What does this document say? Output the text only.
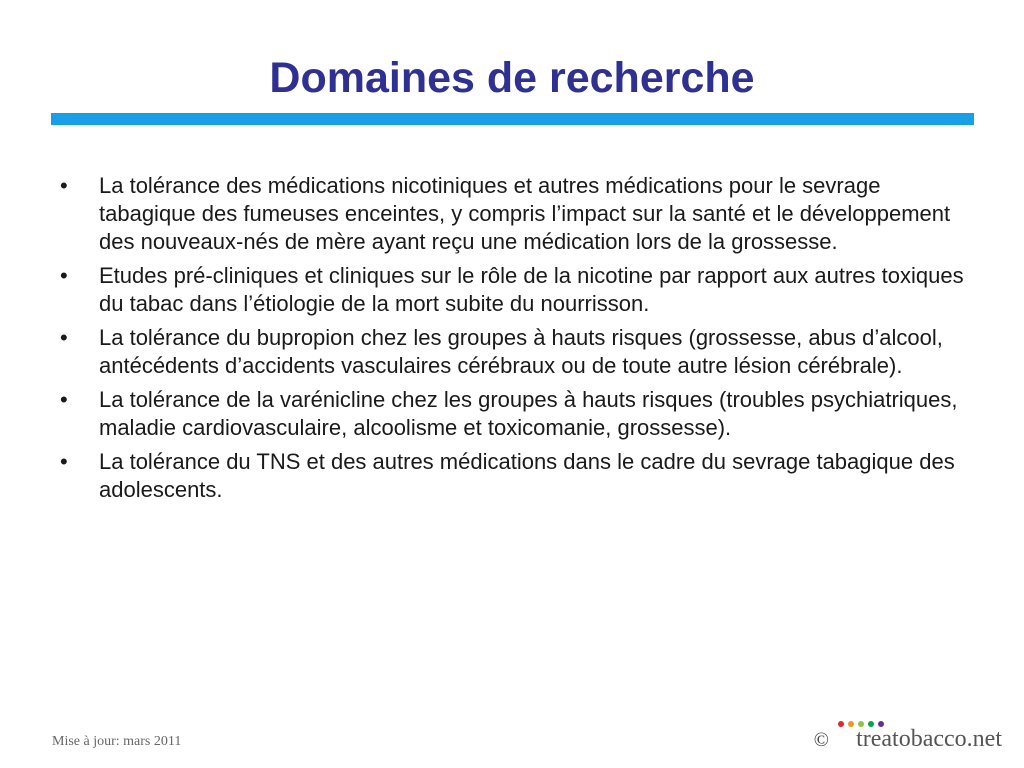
Domaines de recherche
•	La tolérance des médications nicotiniques et autres médications pour le sevrage tabagique des fumeuses enceintes, y compris l’impact sur la santé et le développement des nouveaux-nés de mère ayant reçu une médication lors de la grossesse.
•	Etudes pré-cliniques et cliniques sur le rôle de la nicotine par rapport aux autres toxiques du tabac dans l’étiologie de la mort subite du nourrisson.
•	La tolérance du bupropion chez les groupes à hauts risques (grossesse, abus d’alcool, antécédents d’accidents vasculaires cérébraux ou de toute autre lésion cérébrale).
•	La tolérance de la varénicline chez les groupes à hauts risques (troubles psychiatriques, maladie cardiovasculaire, alcoolisme et toxicomanie, grossesse).
•	La tolérance du TNS et des autres médications dans le cadre du sevrage tabagique des adolescents.
Mise à jour: mars 2011	© treatobacco.net
